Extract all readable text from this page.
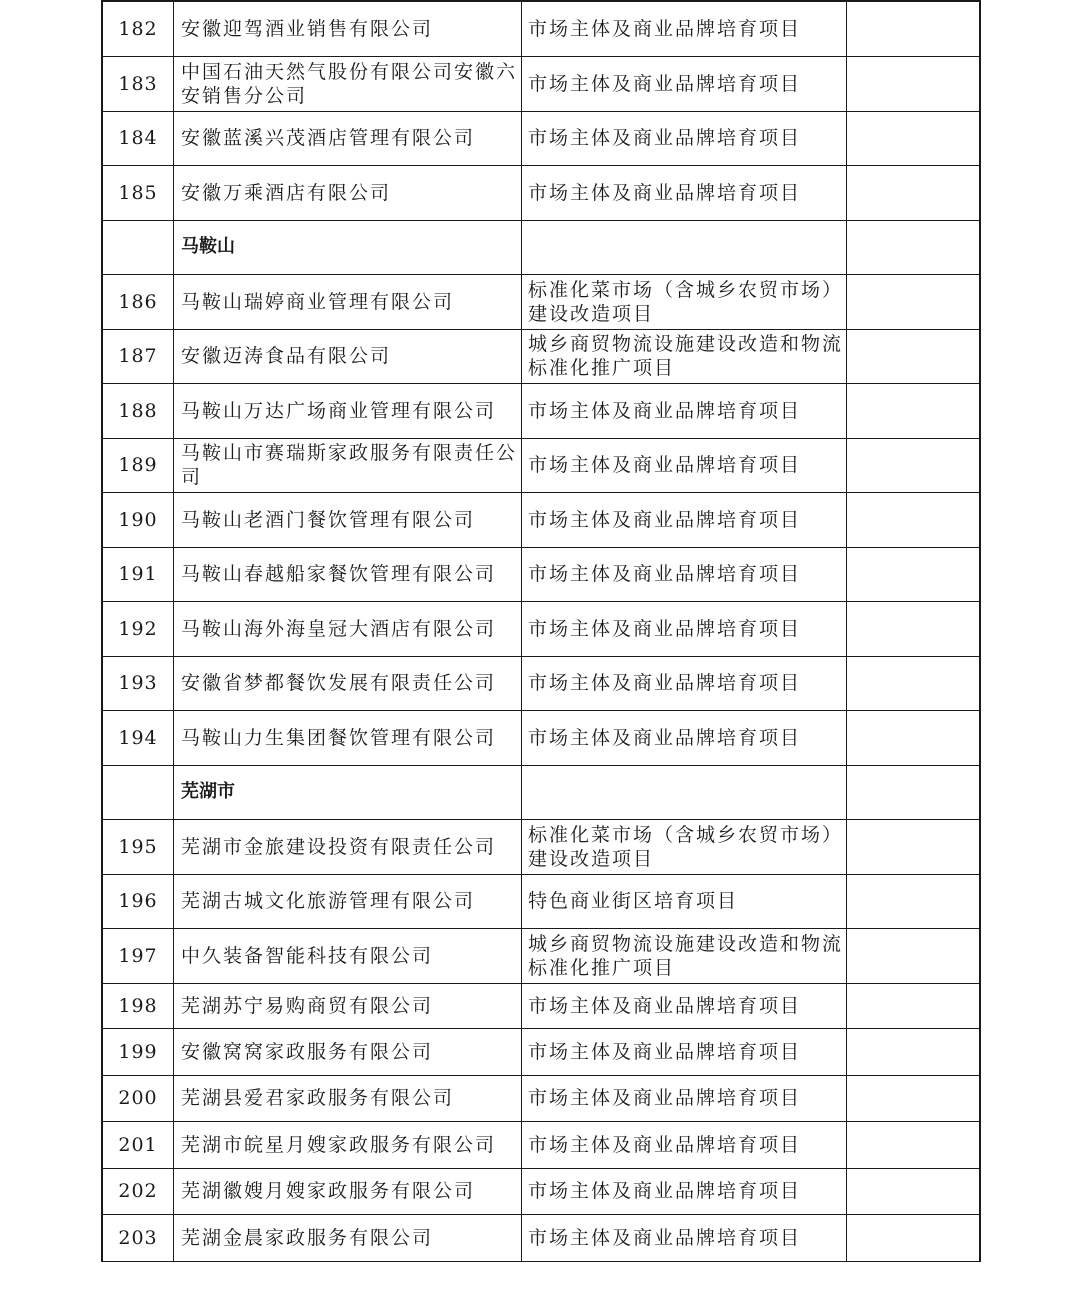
182	安徽迎驾酒业销售有限公司	市场主体及商业品牌培育项目	
183	中国石油天然气股份有限公司安徽六安销售分公司	市场主体及商业品牌培育项目	
184	安徽蓝溪兴茂酒店管理有限公司	市场主体及商业品牌培育项目	
185	安徽万乘酒店有限公司	市场主体及商业品牌培育项目	
	马鞍山		
186	马鞍山瑞婷商业管理有限公司	标准化菜市场（含城乡农贸市场）建设改造项目	
187	安徽迈涛食品有限公司	城乡商贸物流设施建设改造和物流标准化推广项目	
188	马鞍山万达广场商业管理有限公司	市场主体及商业品牌培育项目	
189	马鞍山市赛瑞斯家政服务有限责任公司	市场主体及商业品牌培育项目	
190	马鞍山老酒门餐饮管理有限公司	市场主体及商业品牌培育项目	
191	马鞍山春越船家餐饮管理有限公司	市场主体及商业品牌培育项目	
192	马鞍山海外海皇冠大酒店有限公司	市场主体及商业品牌培育项目	
193	安徽省梦都餐饮发展有限责任公司	市场主体及商业品牌培育项目	
194	马鞍山力生集团餐饮管理有限公司	市场主体及商业品牌培育项目	
	芜湖市		
195	芜湖市金旅建设投资有限责任公司	标准化菜市场（含城乡农贸市场）建设改造项目	
196	芜湖古城文化旅游管理有限公司	特色商业街区培育项目	
197	中久装备智能科技有限公司	城乡商贸物流设施建设改造和物流标准化推广项目	
198	芜湖苏宁易购商贸有限公司	市场主体及商业品牌培育项目	
199	安徽窝窝家政服务有限公司	市场主体及商业品牌培育项目	
200	芜湖县爱君家政服务有限公司	市场主体及商业品牌培育项目	
201	芜湖市皖星月嫂家政服务有限公司	市场主体及商业品牌培育项目	
202	芜湖徽嫂月嫂家政服务有限公司	市场主体及商业品牌培育项目	
203	芜湖金晨家政服务有限公司	市场主体及商业品牌培育项目	
